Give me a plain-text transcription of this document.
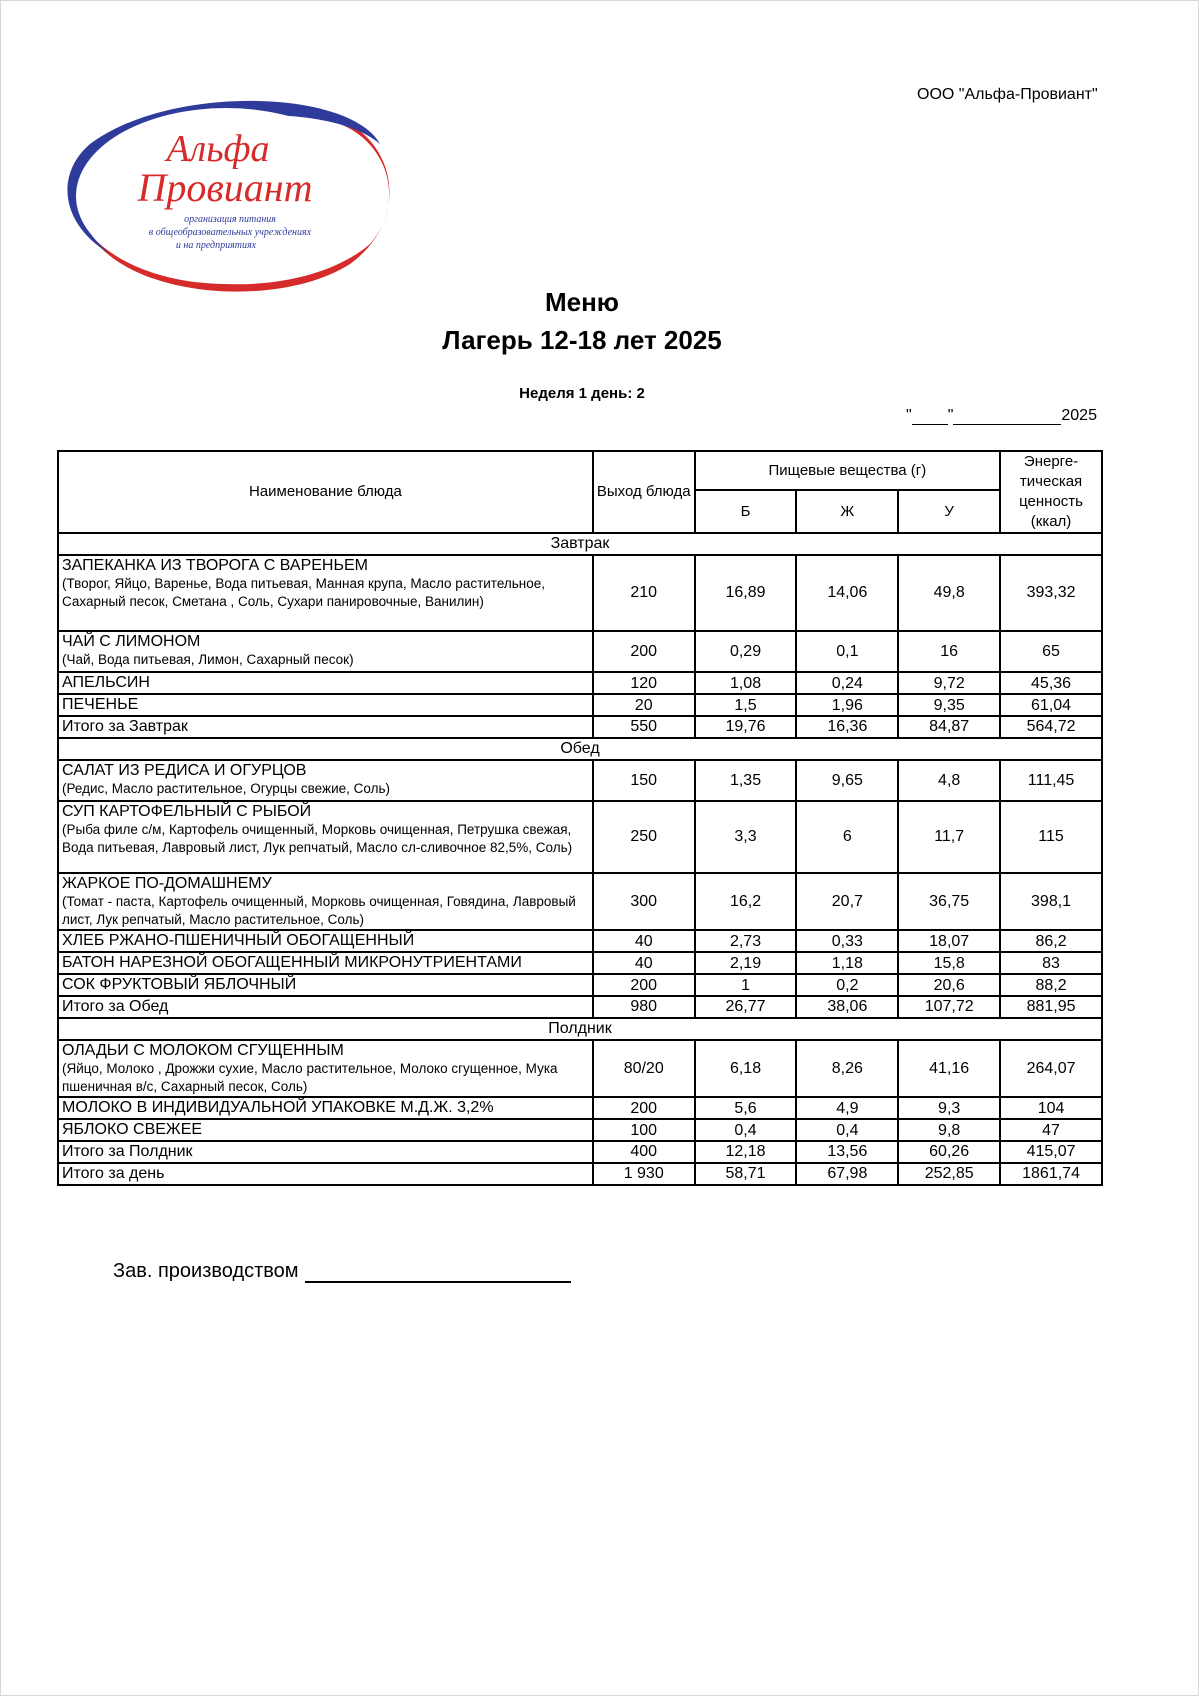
ООО "Альфа-Провиант"
Альфа
Провиант
организация питания
в общеобразовательных учреждениях
и на предприятиях
Меню
Лагерь 12-18 лет 2025
Неделя 1 день: 2
" "	2025
Наименование блюда	Выход блюда	Пищевые вещества (г)			Энерге-
тическая
ценность
(ккал)

		Б	Ж	У	
Завтрак					

ЗАПЕКАНКА ИЗ ТВОРОГА С ВАРЕНЬЕМ
(Творог, Яйцо, Варенье, Вода питьевая, Манная крупа, Масло растительное, Сахарный песок, Сметана , Соль, Сухари панировочные, Ванилин)	210	16,89	14,06	49,8	393,32

ЧАЙ С ЛИМОНОМ
(Чай, Вода питьевая, Лимон, Сахарный песок)	200	0,29	0,1	16	65

АПЕЛЬСИН	120	1,08	0,24	9,72	45,36

ПЕЧЕНЬЕ	20	1,5	1,96	9,35	61,04
Итого за Завтрак	550	19,76	16,36	84,87	564,72
Обед					

САЛАТ ИЗ РЕДИСА И ОГУРЦОВ
(Редис, Масло растительное, Огурцы свежие, Соль)	150	1,35	9,65	4,8	111,45

СУП КАРТОФЕЛЬНЫЙ С РЫБОЙ
(Рыба филе с/м, Картофель очищенный, Морковь очищенная, Петрушка свежая, Вода питьевая, Лавровый лист, Лук репчатый, Масло сл-сливочное 82,5%, Соль)	250	3,3	6	11,7	115

ЖАРКОЕ ПО-ДОМАШНЕМУ
(Томат - паста, Картофель очищенный, Морковь очищенная, Говядина, Лавровый лист, Лук репчатый, Масло растительное, Соль)	300	16,2	20,7	36,75	398,1

ХЛЕБ РЖАНО-ПШЕНИЧНЫЙ ОБОГАЩЕННЫЙ	40	2,73	0,33	18,07	86,2

БАТОН НАРЕЗНОЙ ОБОГАЩЕННЫЙ МИКРОНУТРИЕНТАМИ	40	2,19	1,18	15,8	83

СОК ФРУКТОВЫЙ ЯБЛОЧНЫЙ	200	1	0,2	20,6	88,2
Итого за Обед	980	26,77	38,06	107,72	881,95
Полдник					

ОЛАДЬИ С МОЛОКОМ СГУЩЕННЫМ
(Яйцо, Молоко , Дрожжи сухие, Масло растительное, Молоко сгущенное, Мука пшеничная в/с, Сахарный песок, Соль)	80/20	6,18	8,26	41,16	264,07

МОЛОКО В ИНДИВИДУАЛЬНОЙ УПАКОВКЕ М.Д.Ж. 3,2%	200	5,6	4,9	9,3	104

ЯБЛОКО СВЕЖЕЕ	100	0,4	0,4	9,8	47
Итого за Полдник	400	12,18	13,56	60,26	415,07
Итого за день	1 930	58,71	67,98	252,85	1861,74
Зав. производством
